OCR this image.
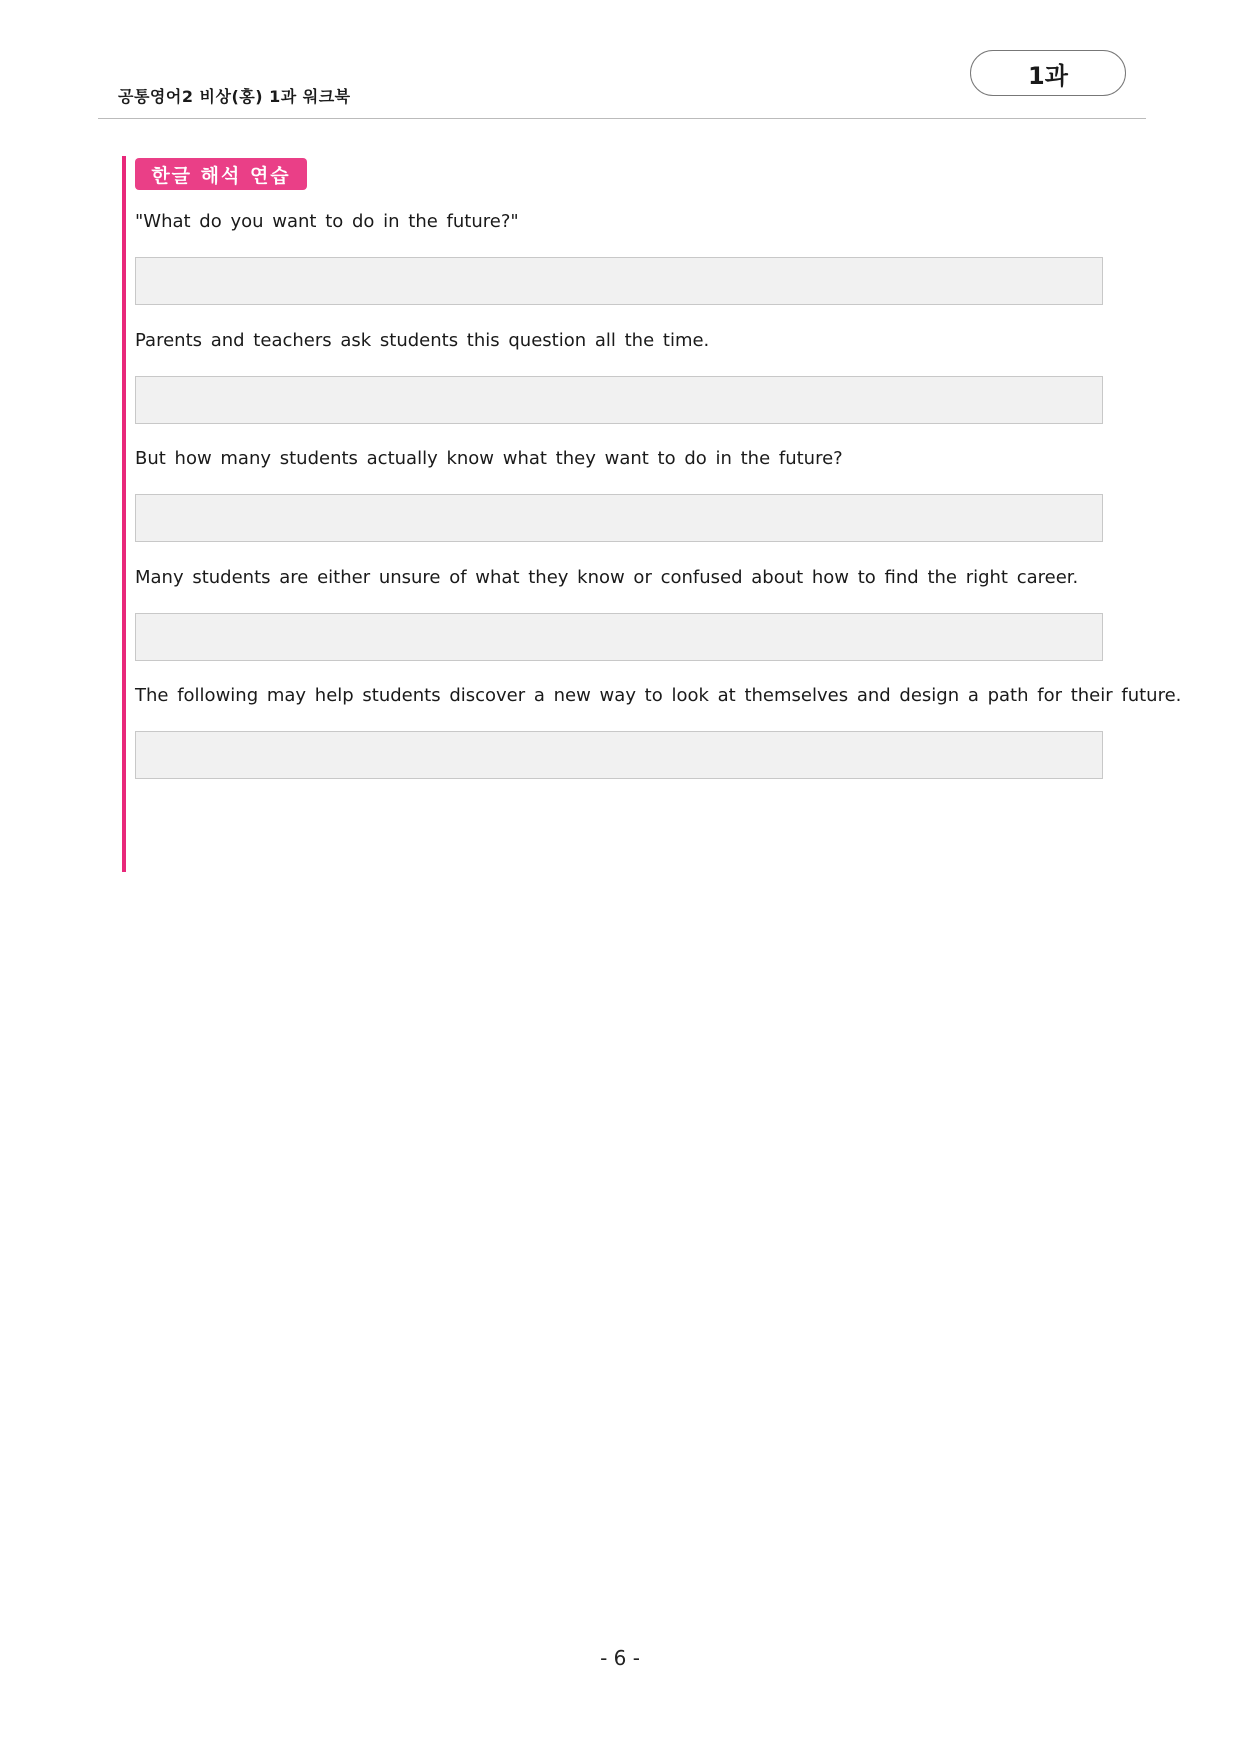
공통영어2 비상(홍) 1과 워크북
1과
한글 해석 연습
"What do you want to do in the future?"
Parents and teachers ask students this question all the time.
But how many students actually know what they want to do in the future?
Many students are either unsure of what they know or confused about how to find the right career.
The following may help students discover a new way to look at themselves and design a path for their future.
- 6 -
